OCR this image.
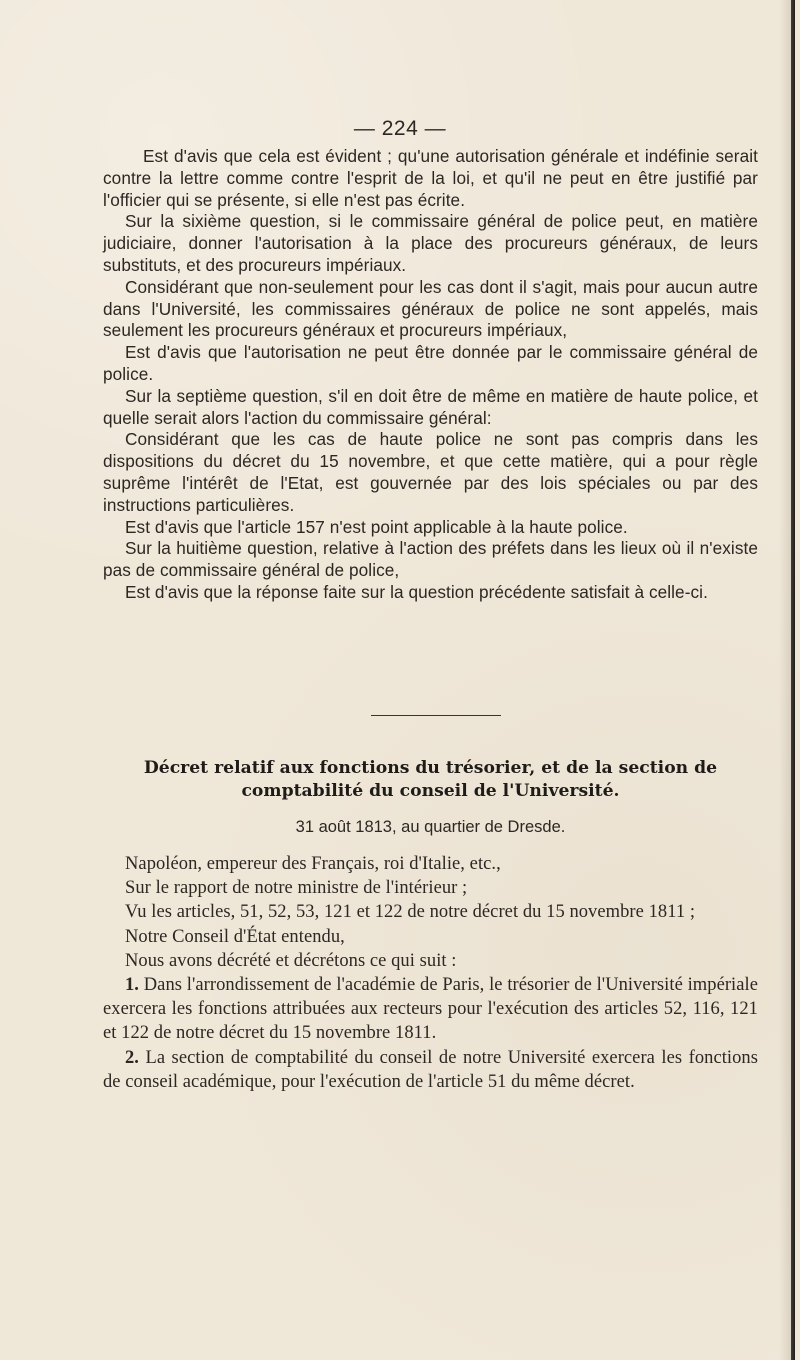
— 224 —

Est d'avis que cela est évident ; qu'une autorisation générale et indéfinie serait contre la lettre comme contre l'esprit de la loi, et qu'il ne peut en être justifié par l'officier qui se présente, si elle n'est pas écrite.

Sur la sixième question, si le commissaire général de police peut, en matière judiciaire, donner l'autorisation à la place des procureurs généraux, de leurs substituts, et des procureurs impériaux.

Considérant que non-seulement pour les cas dont il s'agit, mais pour aucun autre dans l'Université, les commissaires généraux de police ne sont appelés, mais seulement les procureurs généraux et procureurs impériaux,

Est d'avis que l'autorisation ne peut être donnée par le commissaire général de police.

Sur la septième question, s'il en doit être de même en matière de haute police, et quelle serait alors l'action du commissaire général:

Considérant que les cas de haute police ne sont pas compris dans les dispositions du décret du 15 novembre, et que cette matière, qui a pour règle suprême l'intérêt de l'Etat, est gouvernée par des lois spéciales ou par des instructions particulières.

Est d'avis que l'article 157 n'est point applicable à la haute police.

Sur la huitième question, relative à l'action des préfets dans les lieux où il n'existe pas de commissaire général de police,

Est d'avis que la réponse faite sur la question précédente satisfait à celle-ci.

Décret relatif aux fonctions du trésorier, et de la section de
comptabilité du conseil de l'Université.
31 août 1813, au quartier de Dresde.

Napoléon, empereur des Français, roi d'Italie, etc.,

Sur le rapport de notre ministre de l'intérieur ;

Vu les articles, 51, 52, 53, 121 et 122 de notre décret du 15 novembre 1811 ;

Notre Conseil d'État entendu,

Nous avons décrété et décrétons ce qui suit :

1. Dans l'arrondissement de l'académie de Paris, le trésorier de l'Université impériale exercera les fonctions attribuées aux recteurs pour l'exécution des articles 52, 116, 121 et 122 de notre décret du 15 novembre 1811.

2. La section de comptabilité du conseil de notre Université exercera les fonctions de conseil académique, pour l'exécution de l'article 51 du même décret.
